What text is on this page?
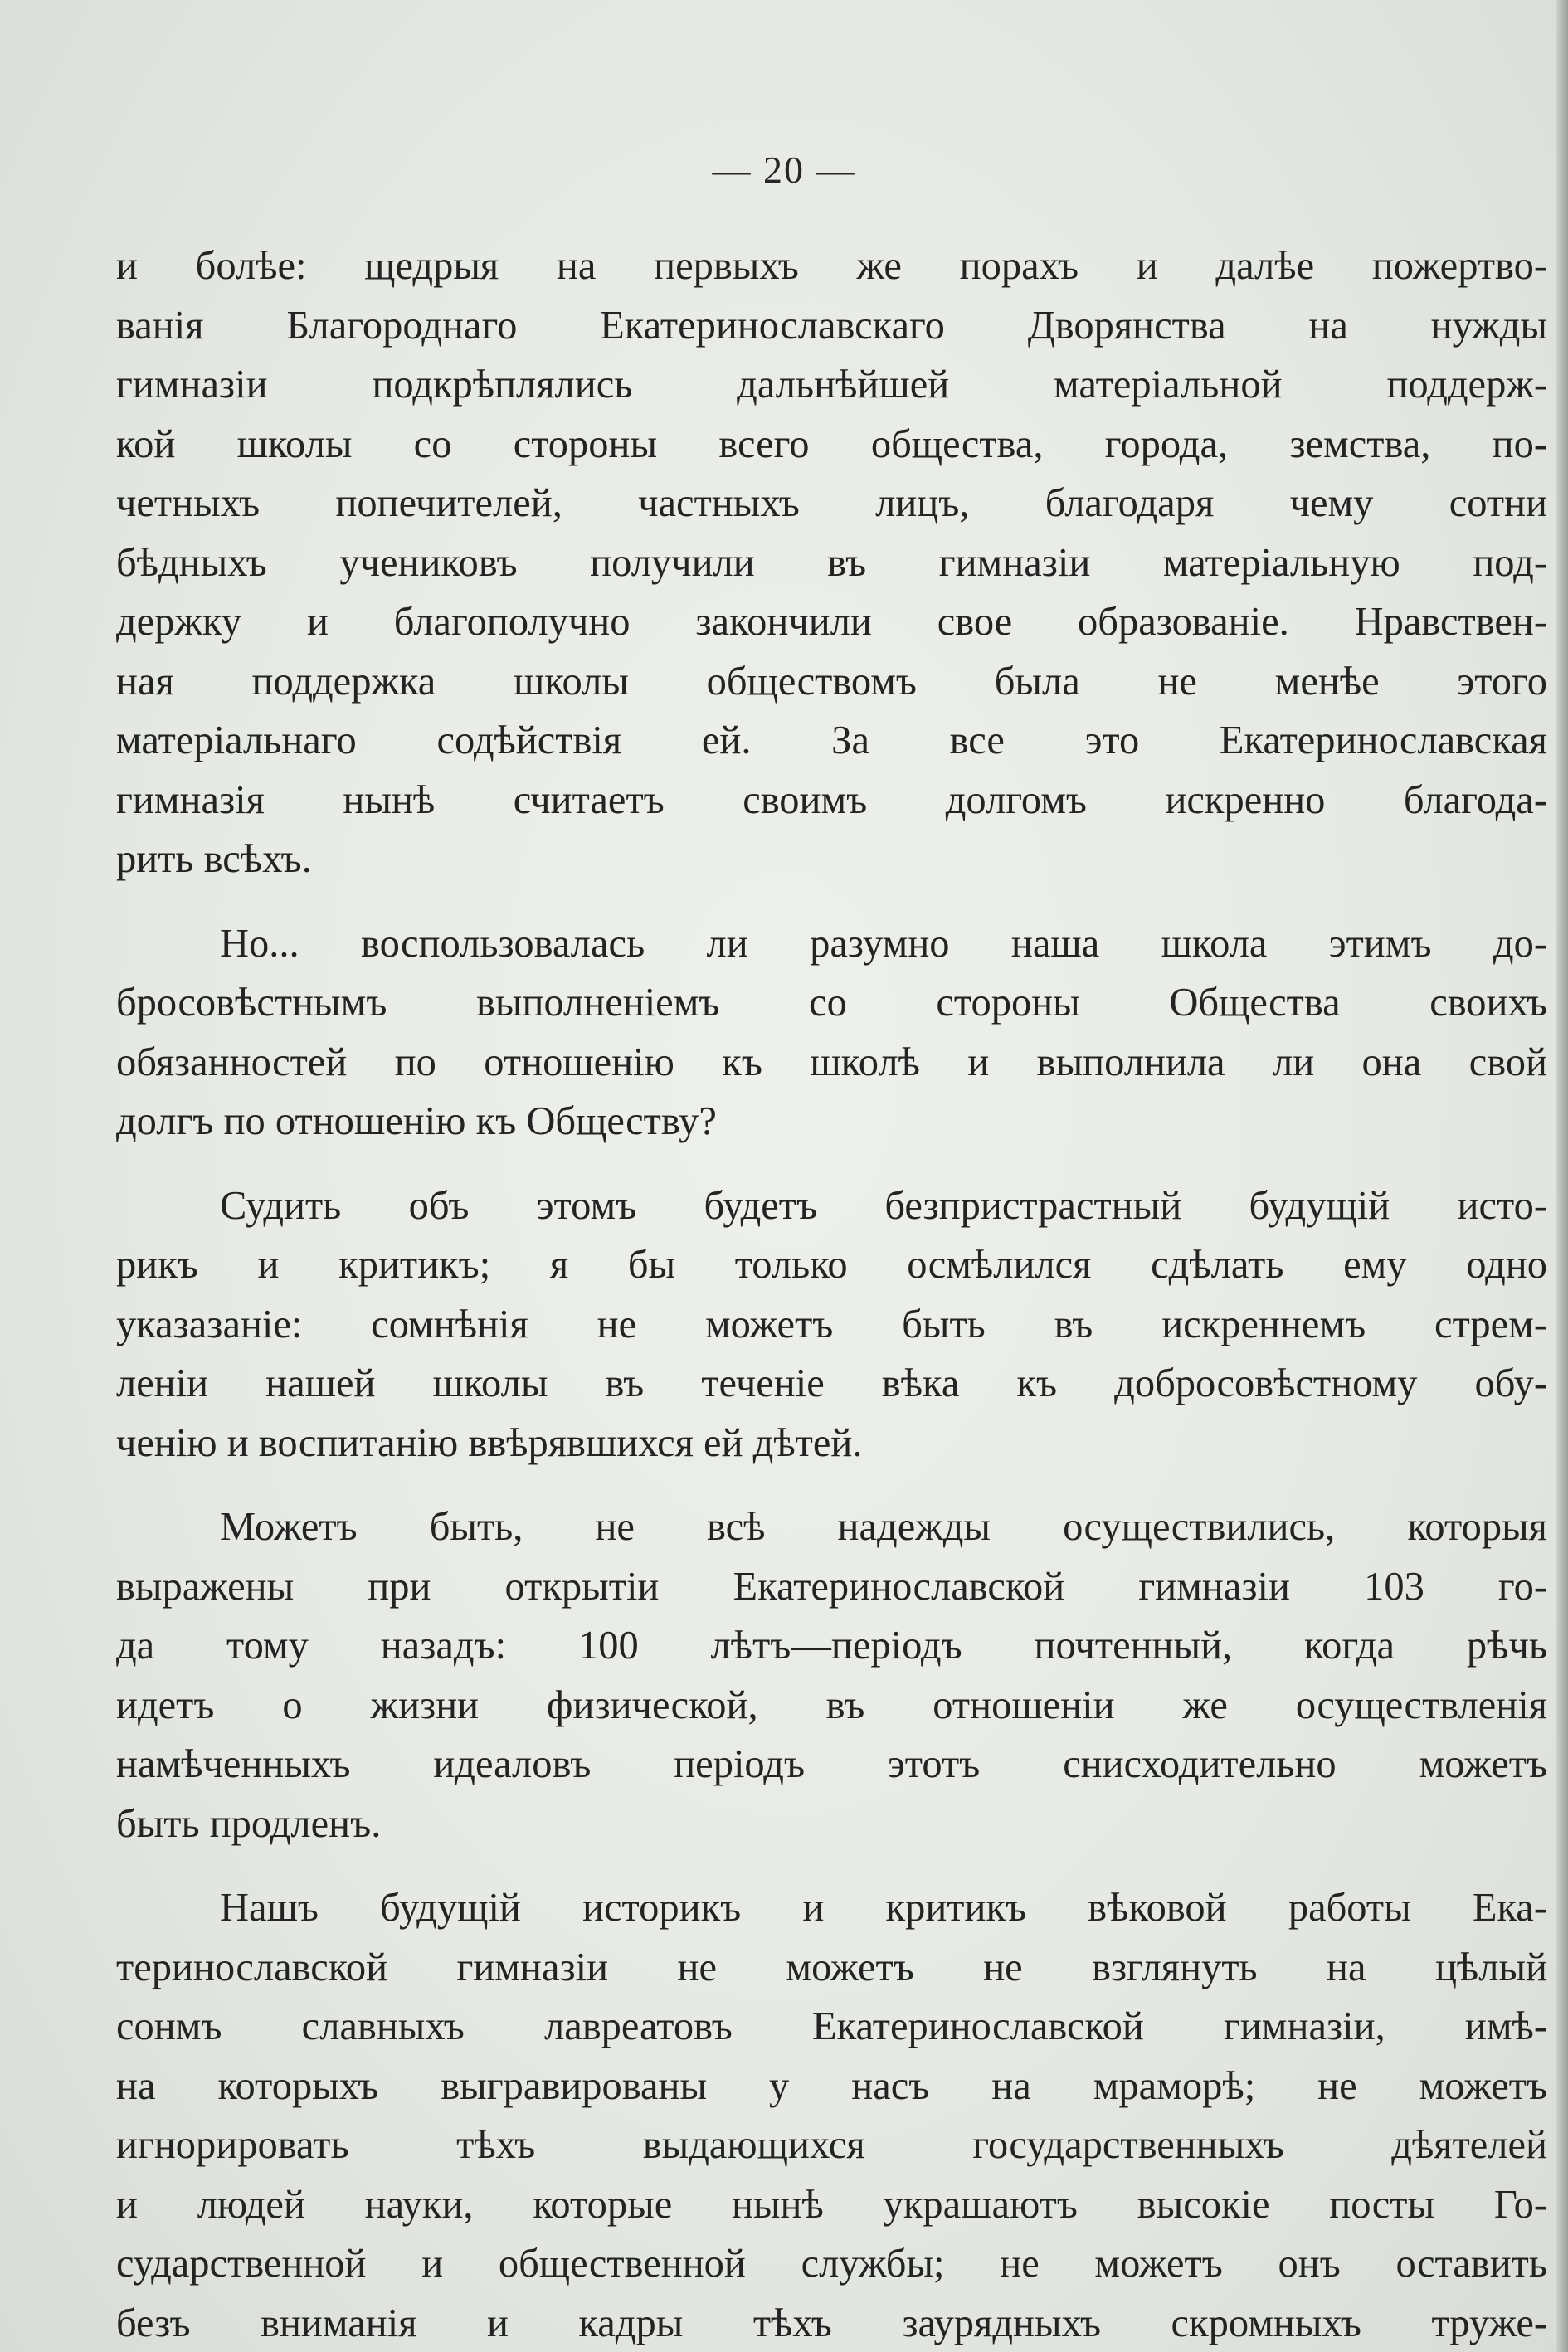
— 20 —

и болѣе: щедрыя на первыхъ же порахъ и далѣе пожертво-
ванія Благороднаго Екатеринославскаго Дворянства на нужды
гимназіи подкрѣплялись дальнѣйшей матеріальной поддерж-
кой школы со стороны всего общества, города, земства, по-
четныхъ попечителей, частныхъ лицъ, благодаря чему сотни
бѣдныхъ учениковъ получили въ гимназіи матеріальную под-
держку и благополучно закончили свое образованіе. Нравствен-
ная поддержка школы обществомъ была не менѣе этого
матеріальнаго содѣйствія ей. За все это Екатеринославская
гимназія нынѣ считаетъ своимъ долгомъ искренно благода-
рить всѣхъ.

Но... воспользовалась ли разумно наша школа этимъ до-
бросовѣстнымъ выполненіемъ со стороны Общества своихъ
обязанностей по отношенію къ школѣ и выполнила ли она свой
долгъ по отношенію къ Обществу?

Судить объ этомъ будетъ безпристрастный будущій исто-
рикъ и критикъ; я бы только осмѣлился сдѣлать ему одно
указазаніе: сомнѣнія не можетъ быть въ искреннемъ стрем-
леніи нашей школы въ теченіе вѣка къ добросовѣстному обу-
ченію и воспитанію ввѣрявшихся ей дѣтей.

Можетъ быть, не всѣ надежды осуществились, которыя
выражены при открытіи Екатеринославской гимназіи 103 го-
да тому назадъ: 100 лѣтъ—періодъ почтенный, когда рѣчь
идетъ о жизни физической, въ отношеніи же осуществленія
намѣченныхъ идеаловъ періодъ этотъ снисходительно можетъ
быть продленъ.

Нашъ будущій историкъ и критикъ вѣковой работы Ека-
теринославской гимназіи не можетъ не взглянуть на цѣлый
сонмъ славныхъ лавреатовъ Екатеринославской гимназіи, имѣ-
на которыхъ выгравированы у насъ на мраморѣ; не можетъ
игнорировать тѣхъ выдающихся государственныхъ дѣятелей
и людей науки, которые нынѣ украшаютъ высокіе посты Го-
сударственной и общественной службы; не можетъ онъ оставить
безъ вниманія и кадры тѣхъ заурядныхъ скромныхъ труже-
